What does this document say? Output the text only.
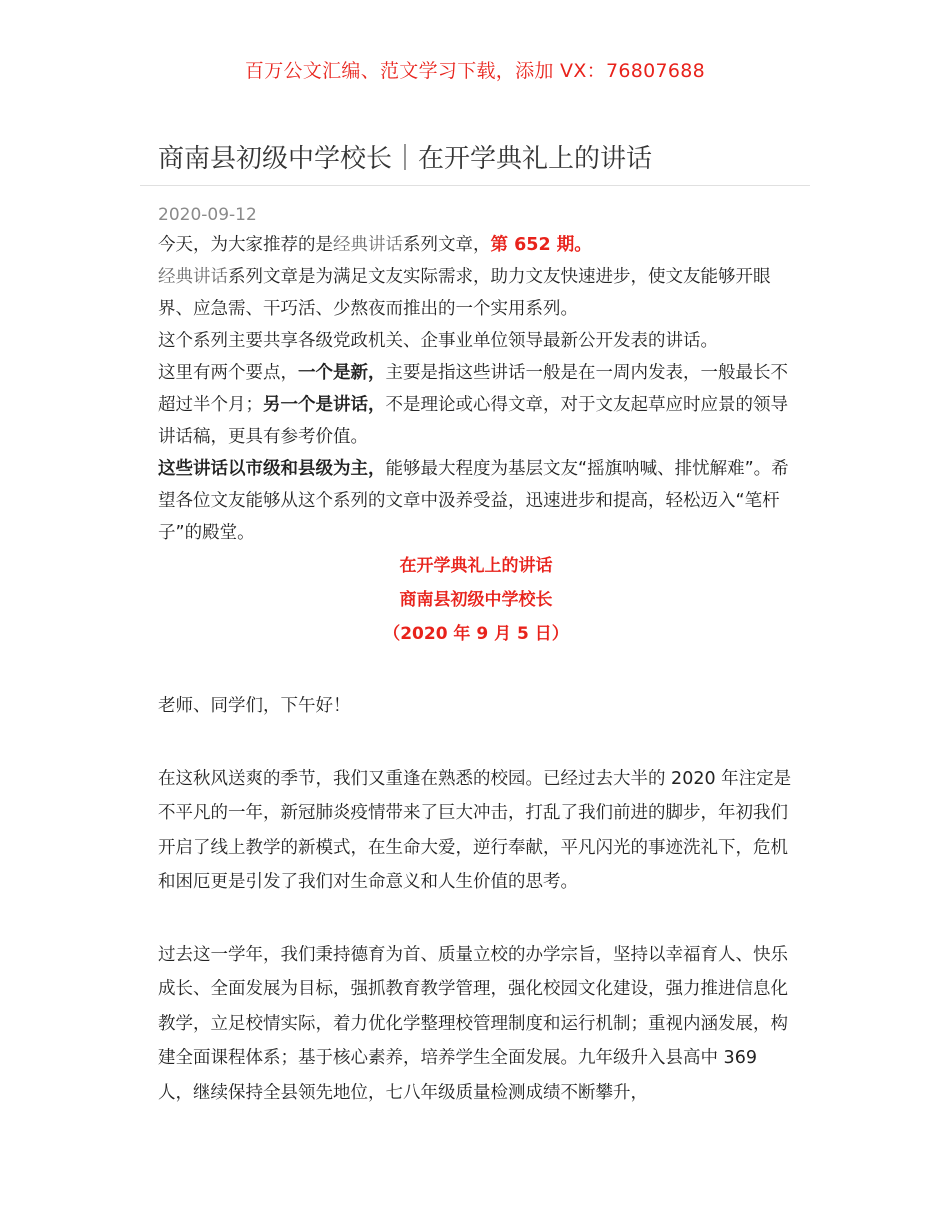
百万公文汇编、范文学习下载，添加 VX：76807688
商南县初级中学校长｜在开学典礼上的讲话
2020-09-12

今天，为大家推荐的是经典讲话系列文章，第 652 期。

经典讲话系列文章是为满足文友实际需求，助力文友快速进步，使文友能够开眼界、应急需、干巧活、少熬夜而推出的一个实用系列。

这个系列主要共享各级党政机关、企事业单位领导最新公开发表的讲话。

这里有两个要点，一个是新，主要是指这些讲话一般是在一周内发表，一般最长不超过半个月；另一个是讲话，不是理论或心得文章，对于文友起草应时应景的领导讲话稿，更具有参考价值。

这些讲话以市级和县级为主，能够最大程度为基层文友“摇旗呐喊、排忧解难”。希望各位文友能够从这个系列的文章中汲养受益，迅速进步和提高，轻松迈入“笔杆子”的殿堂。

在开学典礼上的讲话

商南县初级中学校长

（2020 年 9 月 5 日）

老师、同学们，下午好！

在这秋风送爽的季节，我们又重逢在熟悉的校园。已经过去大半的 2020 年注定是不平凡的一年，新冠肺炎疫情带来了巨大冲击，打乱了我们前进的脚步，年初我们开启了线上教学的新模式，在生命大爱，逆行奉献，平凡闪光的事迹洗礼下，危机和困厄更是引发了我们对生命意义和人生价值的思考。

过去这一学年，我们秉持德育为首、质量立校的办学宗旨，坚持以幸福育人、快乐成长、全面发展为目标，强抓教育教学管理，强化校园文化建设，强力推进信息化教学，立足校情实际，着力优化学整理校管理制度和运行机制；重视内涵发展，构建全面课程体系；基于核心素养，培养学生全面发展。九年级升入县高中 369 人，继续保持全县领先地位，七八年级质量检测成绩不断攀升，
